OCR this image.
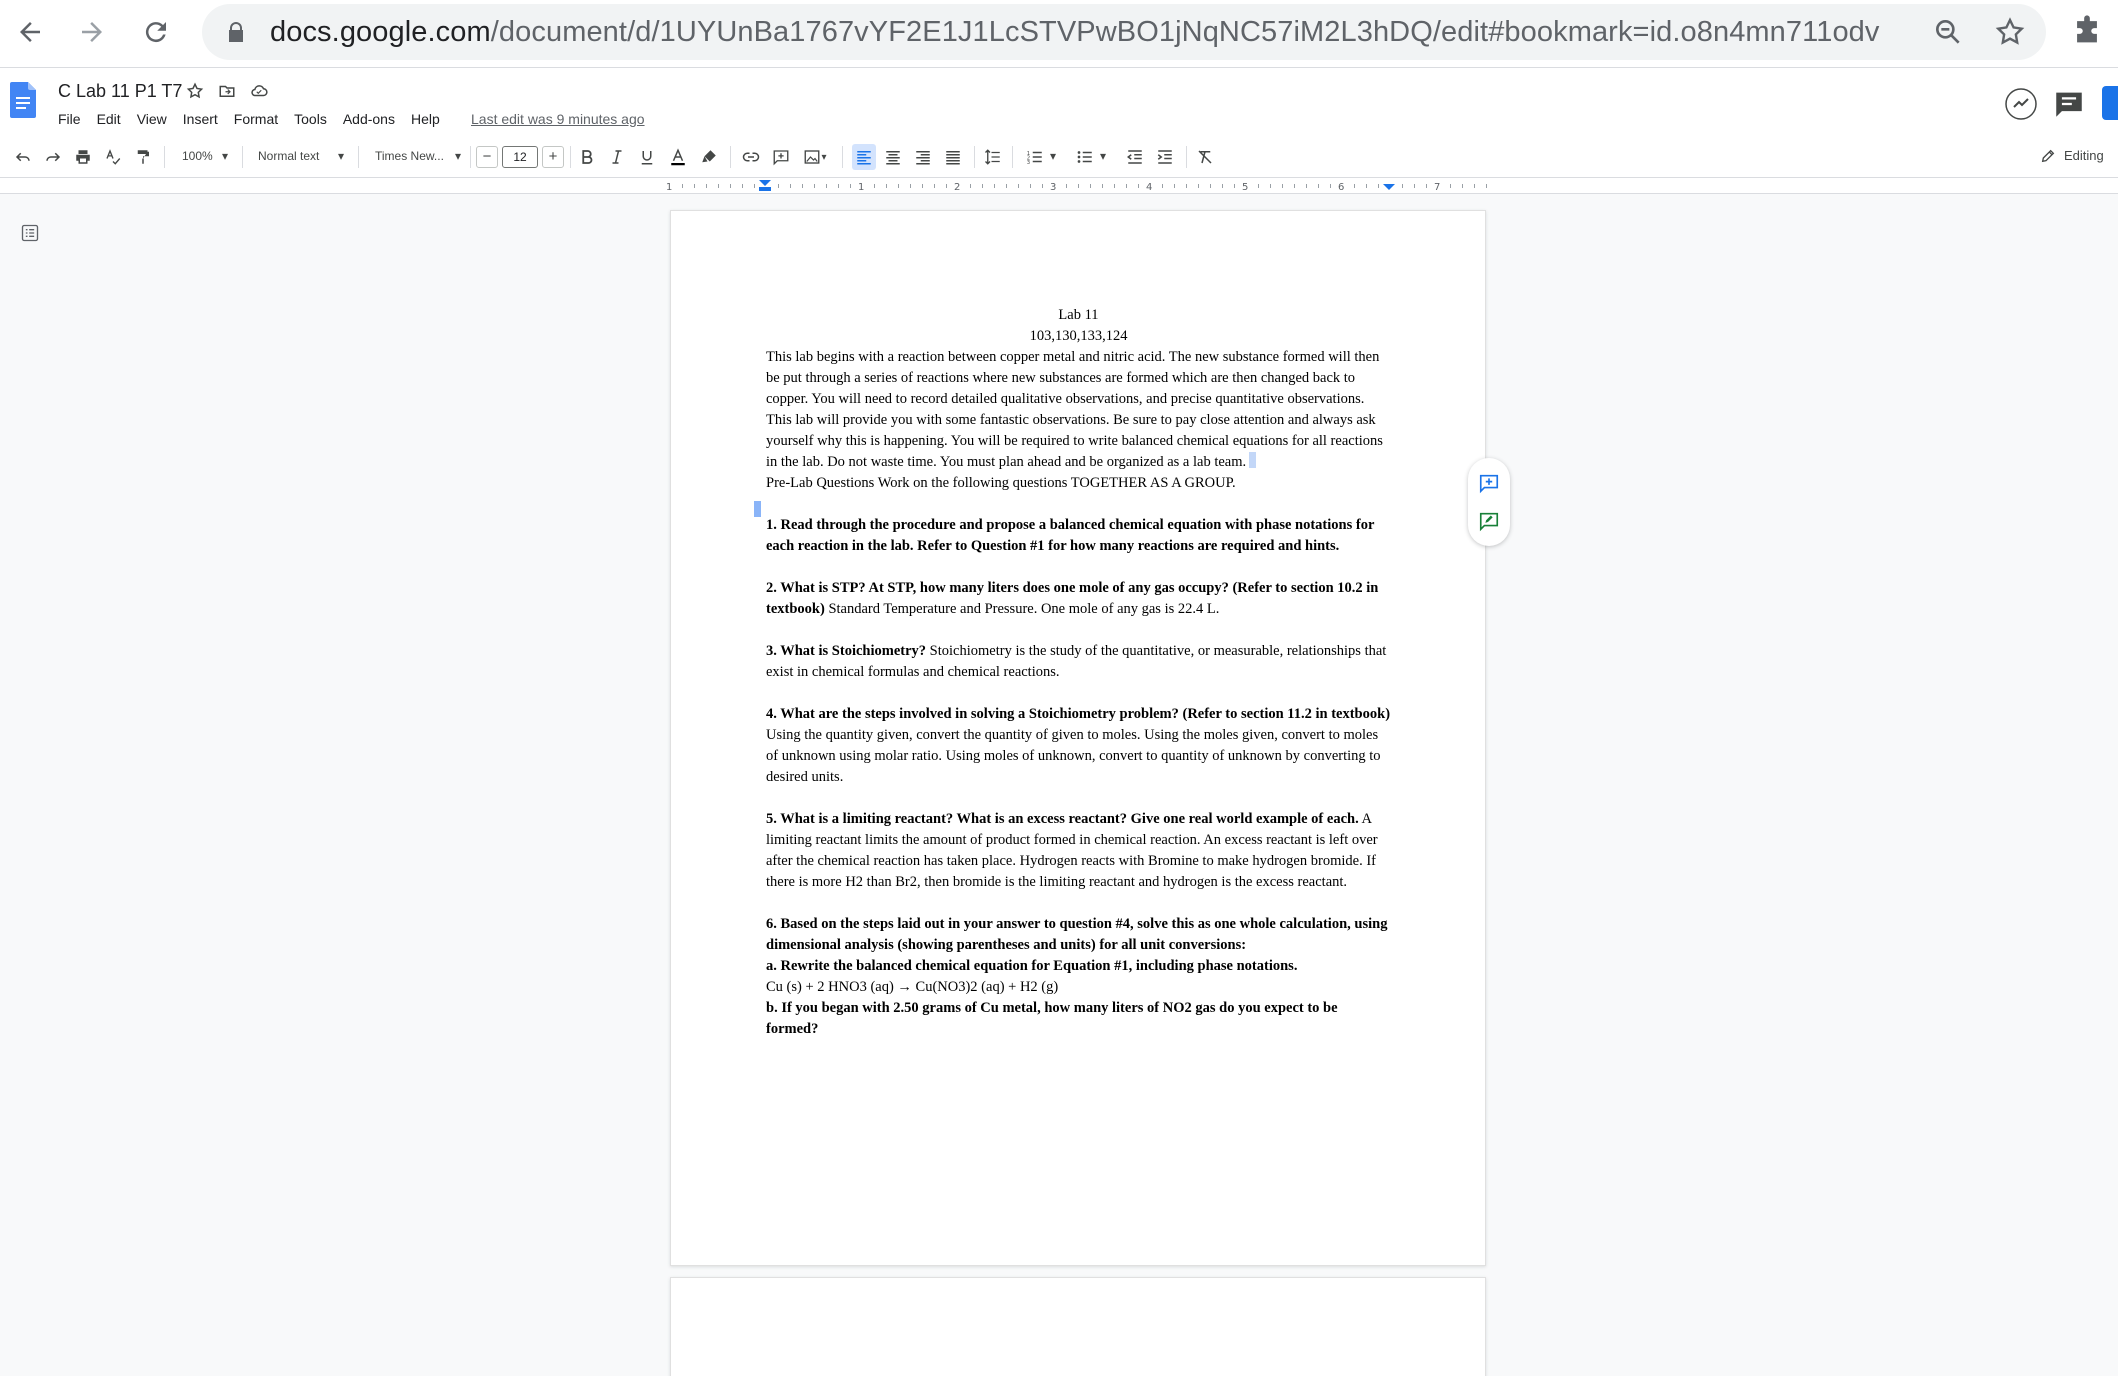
docs.google.com/document/d/1UYUnBa1767vYF2E1J1LcSTVPwBO1jNqNC57iM2L3hDQ/edit#bookmark=id.o8n4mn711odv
C Lab 11 P1 T7
File	Edit	View	Insert	Format	Tools	Add-ons	Help	Last edit was 9 minutes ago
100% ▾ Normal text ▾	Times New... ▾	−	12	+	▾	1
2
3 ▾	▾	Editing
1	1	2	3	4	5	6	7

Lab 11

103,130,133,124

This lab begins with a reaction between copper metal and nitric acid. The new substance formed will then be put through a series of reactions where new substances are formed which are then changed back to copper. You will need to record detailed qualitative observations, and precise quantitative observations. This lab will provide you with some fantastic observations. Be sure to pay close attention and always ask yourself why this is happening. You will be required to write balanced chemical equations for all reactions in the lab. Do not waste time. You must plan ahead and be organized as a lab team.

Pre-Lab Questions Work on the following questions TOGETHER AS A GROUP.

1. Read through the procedure and propose a balanced chemical equation with phase notations for each reaction in the lab. Refer to Question #1 for how many reactions are required and hints.

2. What is STP? At STP, how many liters does one mole of any gas occupy? (Refer to section 10.2 in textbook) Standard Temperature and Pressure. One mole of any gas is 22.4 L.

3. What is Stoichiometry? Stoichiometry is the study of the quantitative, or measurable, relationships that exist in chemical formulas and chemical reactions.

4. What are the steps involved in solving a Stoichiometry problem? (Refer to section 11.2 in textbook) Using the quantity given, convert the quantity of given to moles. Using the moles given, convert to moles of unknown using molar ratio. Using moles of unknown, convert to quantity of unknown by converting to desired units.

5. What is a limiting reactant? What is an excess reactant? Give one real world example of each. A limiting reactant limits the amount of product formed in chemical reaction. An excess reactant is left over after the chemical reaction has taken place. Hydrogen reacts with Bromine to make hydrogen bromide. If there is more H2 than Br2, then bromide is the limiting reactant and hydrogen is the excess reactant.

6. Based on the steps laid out in your answer to question #4, solve this as one whole calculation, using dimensional analysis (showing parentheses and units) for all unit conversions:

a. Rewrite the balanced chemical equation for Equation #1, including phase notations.

Cu (s) + 2 HNO3 (aq) → Cu(NO3)2 (aq) + H2 (g)

b. If you began with 2.50 grams of Cu metal, how many liters of NO2 gas do you expect to be formed?
